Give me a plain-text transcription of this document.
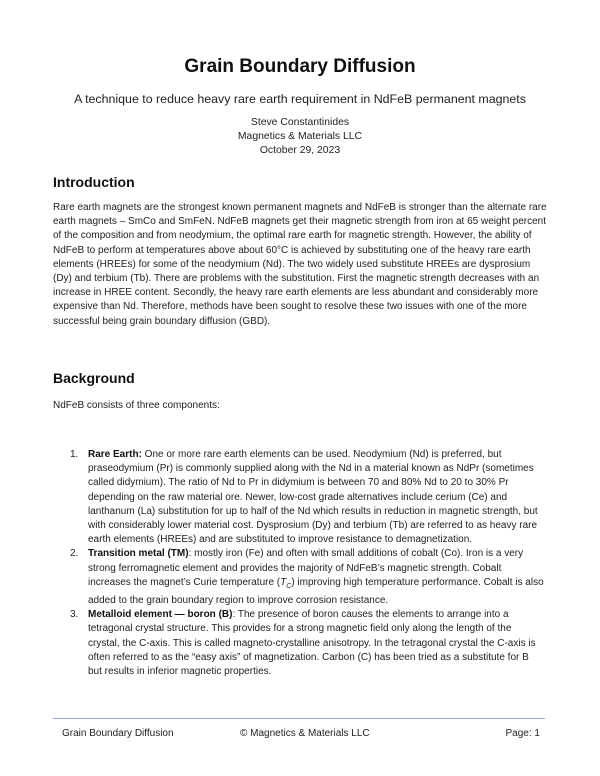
Grain Boundary Diffusion
A technique to reduce heavy rare earth requirement in NdFeB permanent magnets
Steve Constantinides
Magnetics & Materials LLC
October 29, 2023
Introduction

Rare earth magnets are the strongest known permanent magnets and NdFeB is stronger than the alternate rare earth magnets – SmCo and SmFeN. NdFeB magnets get their magnetic strength from iron at 65 weight percent of the composition and from neodymium, the optimal rare earth for magnetic strength. However, the ability of NdFeB to perform at temperatures above about 60°C is achieved by substituting one of the heavy rare earth elements (HREEs) for some of the neodymium (Nd). The two widely used substitute HREEs are dysprosium (Dy) and terbium (Tb). There are problems with the substitution. First the magnetic strength decreases with an increase in HREE content. Secondly, the heavy rare earth elements are less abundant and considerably more expensive than Nd. Therefore, methods have been sought to resolve these two issues with one of the more successful being grain boundary diffusion (GBD).

Background

NdFeB consists of three components:

1. Rare Earth: One or more rare earth elements can be used. Neodymium (Nd) is preferred, but praseodymium (Pr) is commonly supplied along with the Nd in a material known as NdPr (sometimes called didymium). The ratio of Nd to Pr in didymium is between 70 and 80% Nd to 20 to 30% Pr depending on the raw material ore. Newer, low-cost grade alternatives include cerium (Ce) and lanthanum (La) substitution for up to half of the Nd which results in reduction in magnetic strength, but with considerably lower material cost. Dysprosium (Dy) and terbium (Tb) are referred to as heavy rare earth elements (HREEs) and are substituted to improve resistance to demagnetization.
2. Transition metal (TM): mostly iron (Fe) and often with small additions of cobalt (Co). Iron is a very strong ferromagnetic element and provides the majority of NdFeB’s magnetic strength. Cobalt increases the magnet’s Curie temperature $(T_C)$ improving high temperature performance. Cobalt is also added to the grain boundary region to improve corrosion resistance.
3. Metalloid element — boron (B): The presence of boron causes the elements to arrange into a tetragonal crystal structure. This provides for a strong magnetic field only along the length of the crystal, the C-axis. This is called magneto-crystalline anisotropy. In the tetragonal crystal the C-axis is often referred to as the “easy axis” of magnetization. Carbon (C) has been tried as a substitute for B but results in inferior magnetic properties.
Grain Boundary Diffusion	© Magnetics & Materials LLC	Page: 1
